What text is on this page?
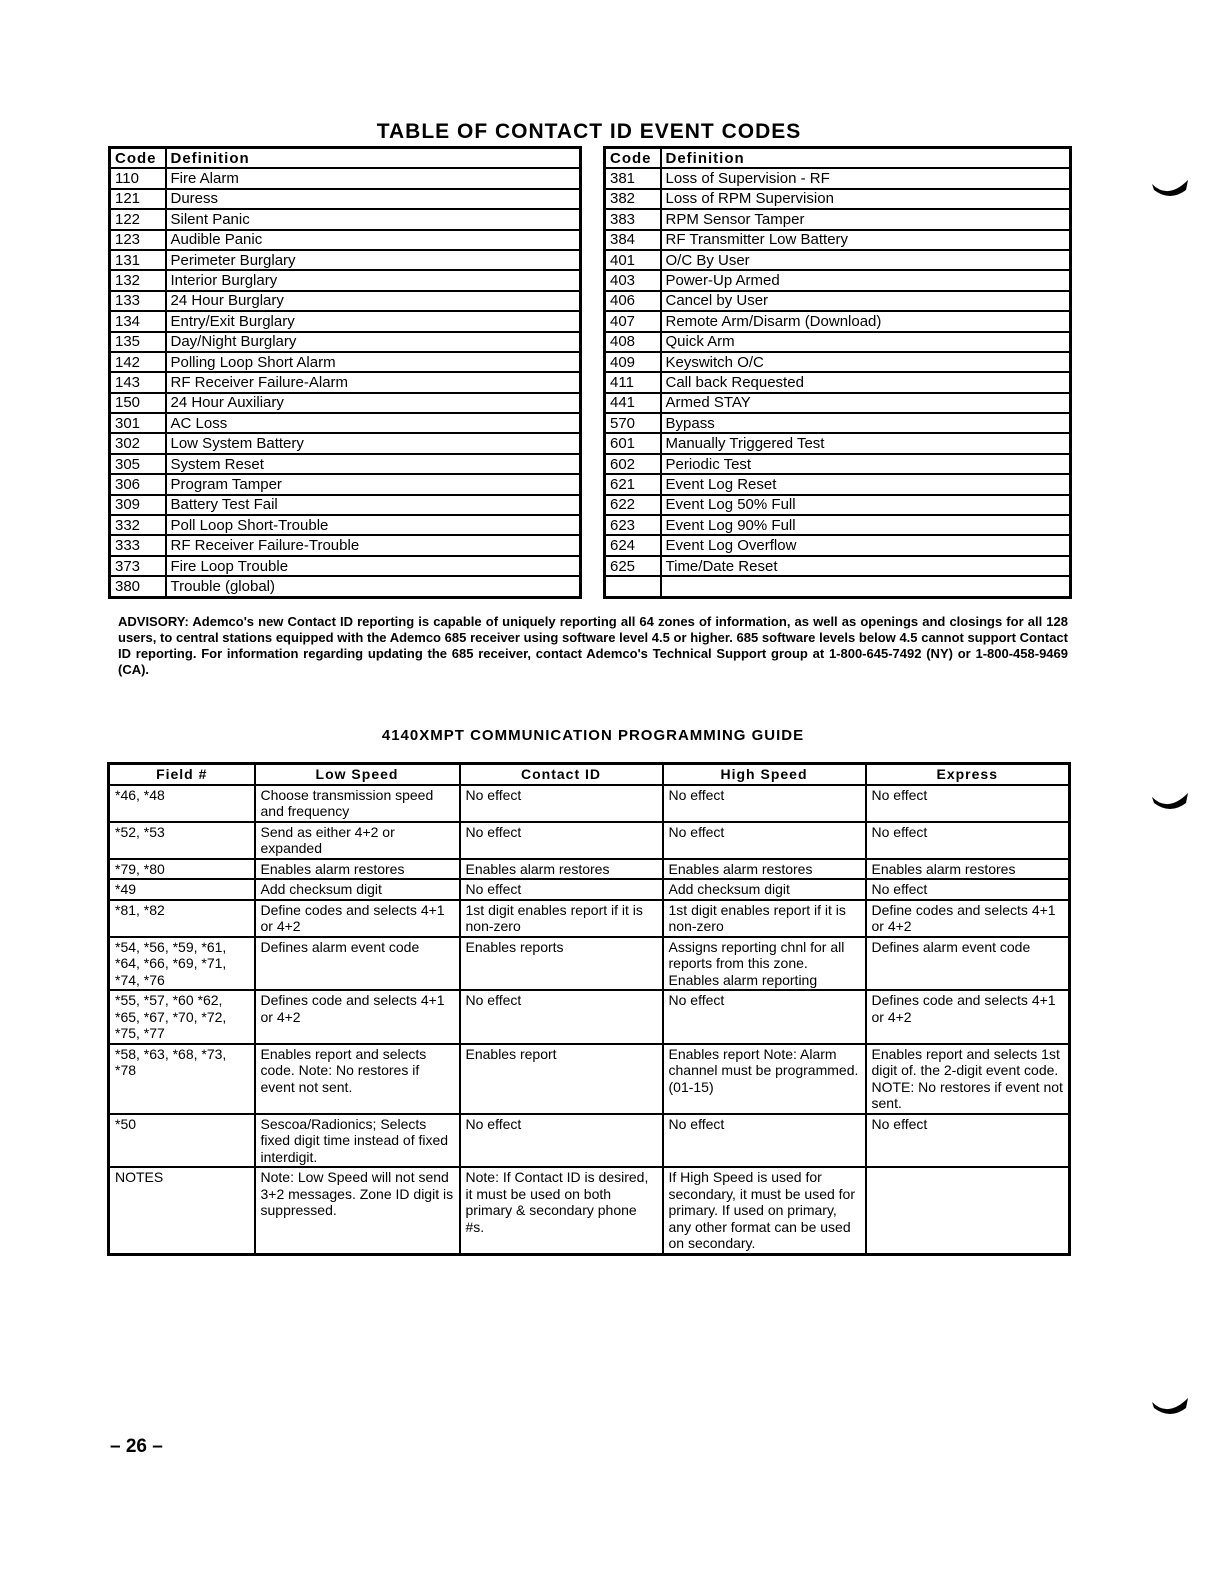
TABLE OF CONTACT ID EVENT CODES
Code	Definition
110	Fire Alarm
121	Duress
122	Silent Panic
123	Audible Panic
131	Perimeter Burglary
132	Interior Burglary
133	24 Hour Burglary
134	Entry/Exit Burglary
135	Day/Night Burglary
142	Polling Loop Short Alarm
143	RF Receiver Failure-Alarm
150	24 Hour Auxiliary
301	AC Loss
302	Low System Battery
305	System Reset
306	Program Tamper
309	Battery Test Fail
332	Poll Loop Short-Trouble
333	RF Receiver Failure-Trouble
373	Fire Loop Trouble
380	Trouble (global)
Code	Definition
381	Loss of Supervision - RF
382	Loss of RPM Supervision
383	RPM Sensor Tamper
384	RF Transmitter Low Battery
401	O/C By User
403	Power-Up Armed
406	Cancel by User
407	Remote Arm/Disarm (Download)
408	Quick Arm
409	Keyswitch O/C
411	Call back Requested
441	Armed STAY
570	Bypass
601	Manually Triggered Test
602	Periodic Test
621	Event Log Reset
622	Event Log 50% Full
623	Event Log 90% Full
624	Event Log Overflow
625	Time/Date Reset

ADVISORY: Ademco's new Contact ID reporting is capable of uniquely reporting all 64 zones of information, as well as openings and closings for all 128 users, to central stations equipped with the Ademco 685 receiver using software level 4.5 or higher. 685 software levels below 4.5 cannot support Contact ID reporting. For information regarding updating the 685 receiver, contact Ademco's Technical Support group at 1-800-645-7492 (NY) or 1-800-458-9469 (CA).
4140XMPT COMMUNICATION PROGRAMMING GUIDE
Field #	Low Speed	Contact ID	High Speed	Express
*46, *48	Choose transmission speed and frequency	No effect	No effect	No effect
*52, *53	Send as either 4+2 or expanded	No effect	No effect	No effect
*79, *80	Enables alarm restores	Enables alarm restores	Enables alarm restores	Enables alarm restores
*49	Add checksum digit	No effect	Add checksum digit	No effect
*81, *82	Define codes and selects 4+1 or 4+2	1st digit enables report if it is non-zero	1st digit enables report if it is non-zero	Define codes and selects 4+1 or 4+2
*54, *56, *59, *61, *64, *66, *69, *71, *74, *76	Defines alarm event code	Enables reports	Assigns reporting chnl for all reports from this zone. Enables alarm reporting	Defines alarm event code
*55, *57, *60 *62, *65, *67, *70, *72, *75, *77	Defines code and selects 4+1 or 4+2	No effect	No effect	Defines code and selects 4+1 or 4+2
*58, *63, *68, *73, *78	Enables report and selects code. Note: No restores if event not sent.	Enables report	Enables report Note: Alarm channel must be programmed. (01-15)	Enables report and selects 1st digit of. the 2-digit event code. NOTE: No restores if event not sent.
*50	Sescoa/Radionics; Selects fixed digit time instead of fixed interdigit.	No effect	No effect	No effect
NOTES	Note: Low Speed will not send 3+2 messages. Zone ID digit is suppressed.	Note: If Contact ID is desired, it must be used on both primary & secondary phone #s.	If High Speed is used for secondary, it must be used for primary. If used on primary, any other format can be used on secondary.	
– 26 –
